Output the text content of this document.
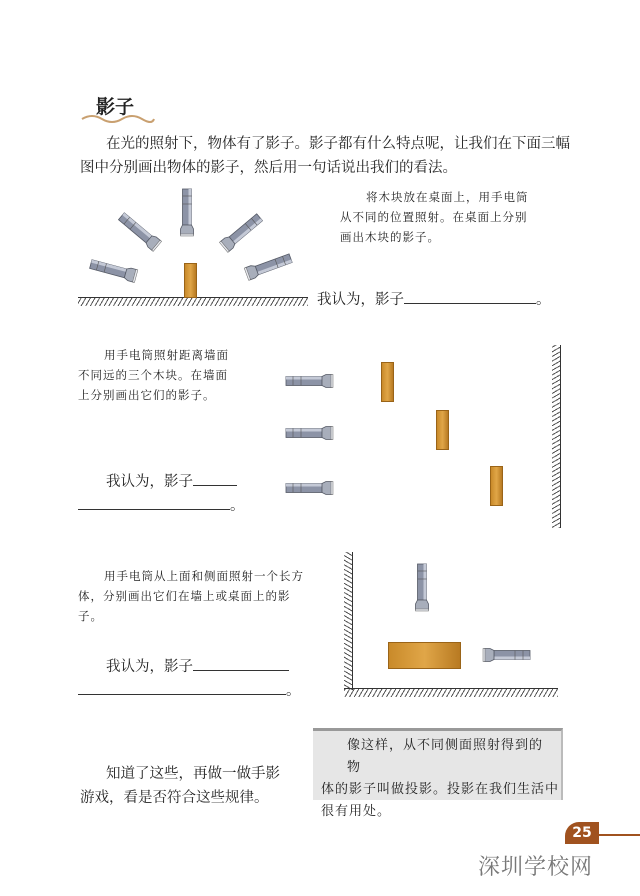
影子
在光的照射下，物体有了影子。影子都有什么特点呢，让我们在下面三幅
图中分别画出物体的影子，然后用一句话说出我们的看法。
将木块放在桌面上，用手电筒
从不同的位置照射。在桌面上分别
画出木块的影子。
我认为，影子	。
用手电筒照射距离墙面
不同远的三个木块。在墙面
上分别画出它们的影子。
我认为，影子
。
用手电筒从上面和侧面照射一个长方
体，分别画出它们在墙上或桌面上的影
子。
我认为，影子
。
知道了这些，再做一做手影
游戏，看是否符合这些规律。
像这样，从不同侧面照射得到的物
体的影子叫做投影。投影在我们生活中
很有用处。
25
深圳学校网
